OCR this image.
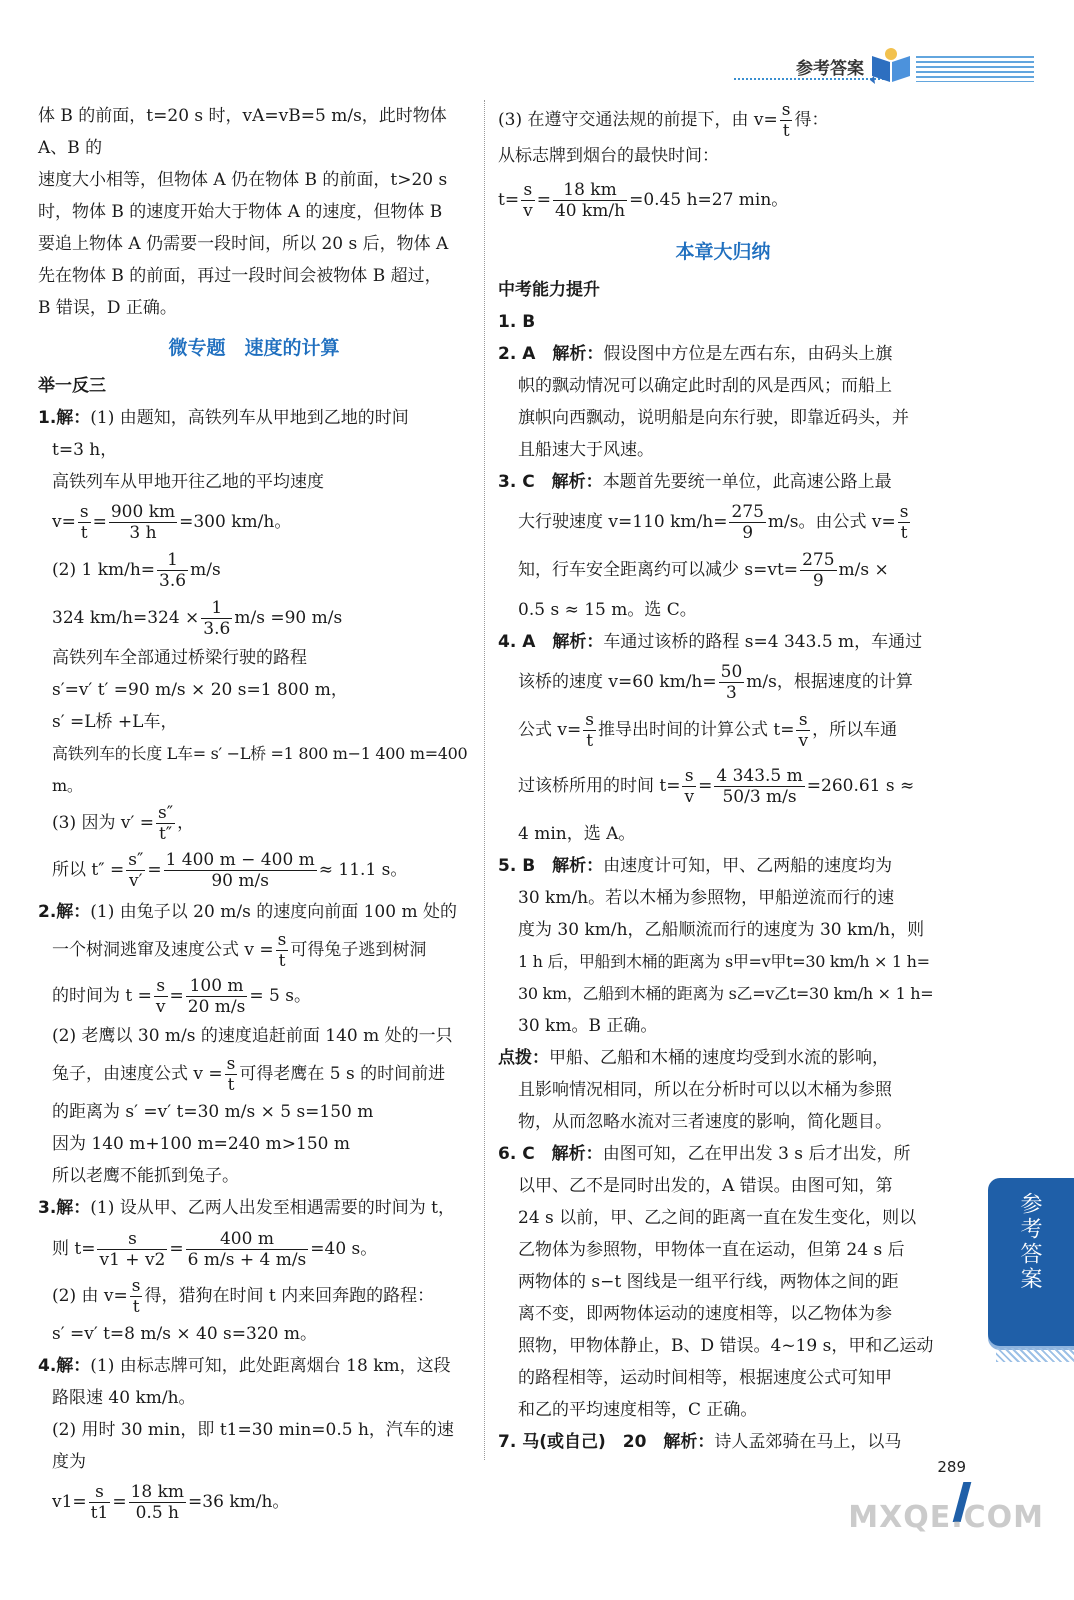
参考答案

体 B 的前面，t=20 s 时，vA=vB=5 m/s，此时物体 A、B 的

速度大小相等，但物体 A 仍在物体 B 的前面，t>20 s

时，物体 B 的速度开始大于物体 A 的速度，但物体 B

要追上物体 A 仍需要一段时间，所以 20 s 后，物体 A

先在物体 B 的前面，再过一段时间会被物体 B 超过，

B 错误，D 正确。

微专题　速度的计算
举一反三

1.解：(1) 由题知，高铁列车从甲地到乙地的时间

t=3 h，

高铁列车从甲地开往乙地的平均速度

$v= \frac{s}{t} = \frac{900 km}{3 h} =300$ km/h。
(2) 1 $km/h= \frac{1}{3.6} m/s$
324 $km/h=324 \times \frac{1}{3.6} m/s =90$ m/s

高铁列车全部通过桥梁行驶的路程

s′=v′ t′ =90 m/s × 20 s=1 800 m，

s′ =L桥 +L车，

高铁列车的长度 L车= s′ −L桥 =1 800 m−1 400 m=400 m。

(3) 因为 $v' = \frac{s''}{t''}$ ，
所以 $t'' = \frac{s''}{v'} = \frac{1 400 m - 400 m}{90 m/s} \approx 11.1$ s。

2.解：(1) 由兔子以 20 m/s 的速度向前面 100 m 处的

一个树洞逃窜及速度公式 $v = \frac{s}{t}$ 可得兔子逃到树洞
的时间为 $t = \frac{s}{v} = \frac{100 m}{20 m/s} = 5$ s。

(2) 老鹰以 30 m/s 的速度追赶前面 140 m 处的一只

兔子，由速度公式 $v = \frac{s}{t}$ 可得老鹰在 5 s 的时间前进

的距离为 s′ =v′ t=30 m/s × 5 s=150 m

因为 140 m+100 m=240 m>150 m

所以老鹰不能抓到兔子。

3.解：(1) 设从甲、乙两人出发至相遇需要的时间为 t，

则 $t= \frac{s}{v1 + v2} = \frac{400 m}{6 m/s + 4 m/s} =40$ s。
(2) 由 $v= \frac{s}{t}$ 得，猎狗在时间 t 内来回奔跑的路程：

s′ =v′ t=8 m/s × 40 s=320 m。

4.解：(1) 由标志牌可知，此处距离烟台 18 km，这段

路限速 40 km/h。

(2) 用时 30 min，即 t1=30 min=0.5 h，汽车的速度为

$v1= \frac{s}{t1} = \frac{18 km}{0.5 h} =36$ km/h。
(3) 在遵守交通法规的前提下，由 $v= \frac{s}{t}$ 得：

从标志牌到烟台的最快时间：

$t= \frac{s}{v} = \frac{18 km}{40 km/h} =0.45$ h=27 min。
本章大归纳
中考能力提升

1. B

2. A　解析：假设图中方位是左西右东，由码头上旗

帜的飘动情况可以确定此时刮的风是西风；而船上

旗帜向西飘动，说明船是向东行驶，即靠近码头，并

且船速大于风速。

3. C　解析：本题首先要统一单位，此高速公路上最

大行驶速度 v=110 $km/h= \frac{275}{9} m/s$。由公式 $v= \frac{s}{t}$
知，行车安全距离约可以减少 $s=vt= \frac{275}{9} m/s$ ×

0.5 s ≈ 15 m。选 C。

4. A　解析：车通过该桥的路程 s=4 343.5 m，车通过

该桥的速度 v=60 $km/h= \frac{50}{3} m/s$，根据速度的计算
公式 $v= \frac{s}{t}$ 推导出时间的计算公式 $t= \frac{s}{v}$ ，所以车通
过该桥所用的时间 $t= \frac{s}{v} = \frac{4 343.5 m}{50/3 m/s} =260.61$ s ≈

4 min，选 A。

5. B　解析：由速度计可知，甲、乙两船的速度均为

30 km/h。若以木桶为参照物，甲船逆流而行的速

度为 30 km/h，乙船顺流而行的速度为 30 km/h，则

1 h 后，甲船到木桶的距离为 s甲=v甲t=30 km/h × 1 h=

30 km，乙船到木桶的距离为 s乙=v乙t=30 km/h × 1 h=

30 km。B 正确。

点拨：甲船、乙船和木桶的速度均受到水流的影响，

且影响情况相同，所以在分析时可以以木桶为参照

物，从而忽略水流对三者速度的影响，简化题目。

6. C　解析：由图可知，乙在甲出发 3 s 后才出发，所

以甲、乙不是同时出发的，A 错误。由图可知，第

24 s 以前，甲、乙之间的距离一直在发生变化，则以

乙物体为参照物，甲物体一直在运动，但第 24 s 后

两物体的 s−t 图线是一组平行线，两物体之间的距

离不变，即两物体运动的速度相等，以乙物体为参

照物，甲物体静止，B、D 错误。4~19 s，甲和乙运动

的路程相等，运动时间相等，根据速度公式可知甲

和乙的平均速度相等，C 正确。

7. 马(或自己)　20　解析：诗人孟郊骑在马上，以马

参考答案
289
MXQE.COM
